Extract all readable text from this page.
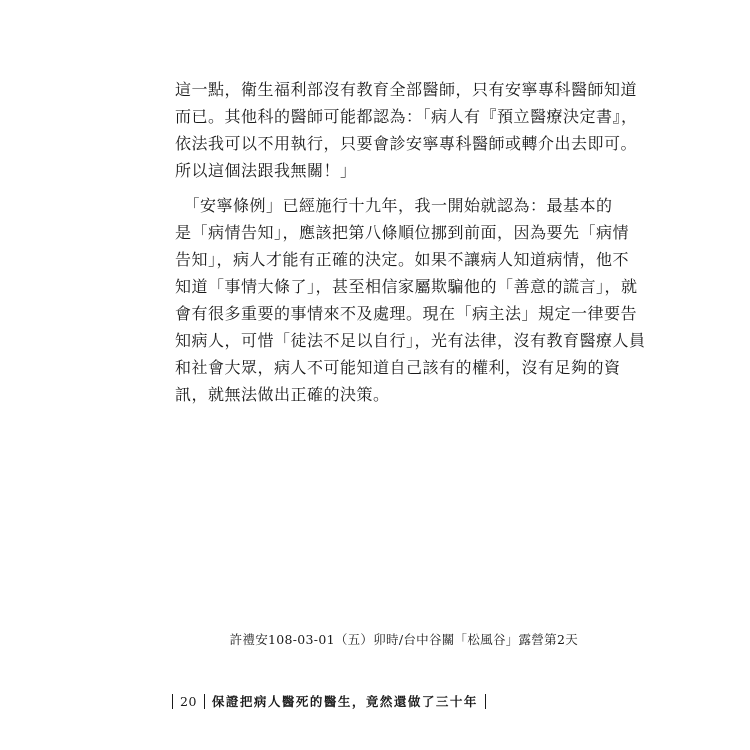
這一點，衛生福利部沒有教育全部醫師，只有安寧專科醫師知道
而已。其他科的醫師可能都認為：「病人有『預立醫療決定書』，
依法我可以不用執行，只要會診安寧專科醫師或轉介出去即可。
所以這個法跟我無關！」

　「安寧條例」已經施行十九年，我一開始就認為：最基本的
是「病情告知」，應該把第八條順位挪到前面，因為要先「病情
告知」，病人才能有正確的決定。如果不讓病人知道病情，他不
知道「事情大條了」，甚至相信家屬欺騙他的「善意的謊言」，就
會有很多重要的事情來不及處理。現在「病主法」規定一律要告
知病人，可惜「徒法不足以自行」，光有法律，沒有教育醫療人員
和社會大眾，病人不可能知道自己該有的權利，沒有足夠的資
訊，就無法做出正確的決策。

許禮安108-03-01（五）卯時/台中谷關「松風谷」露營第2天
20 保證把病人醫死的醫生，竟然還做了三十年
